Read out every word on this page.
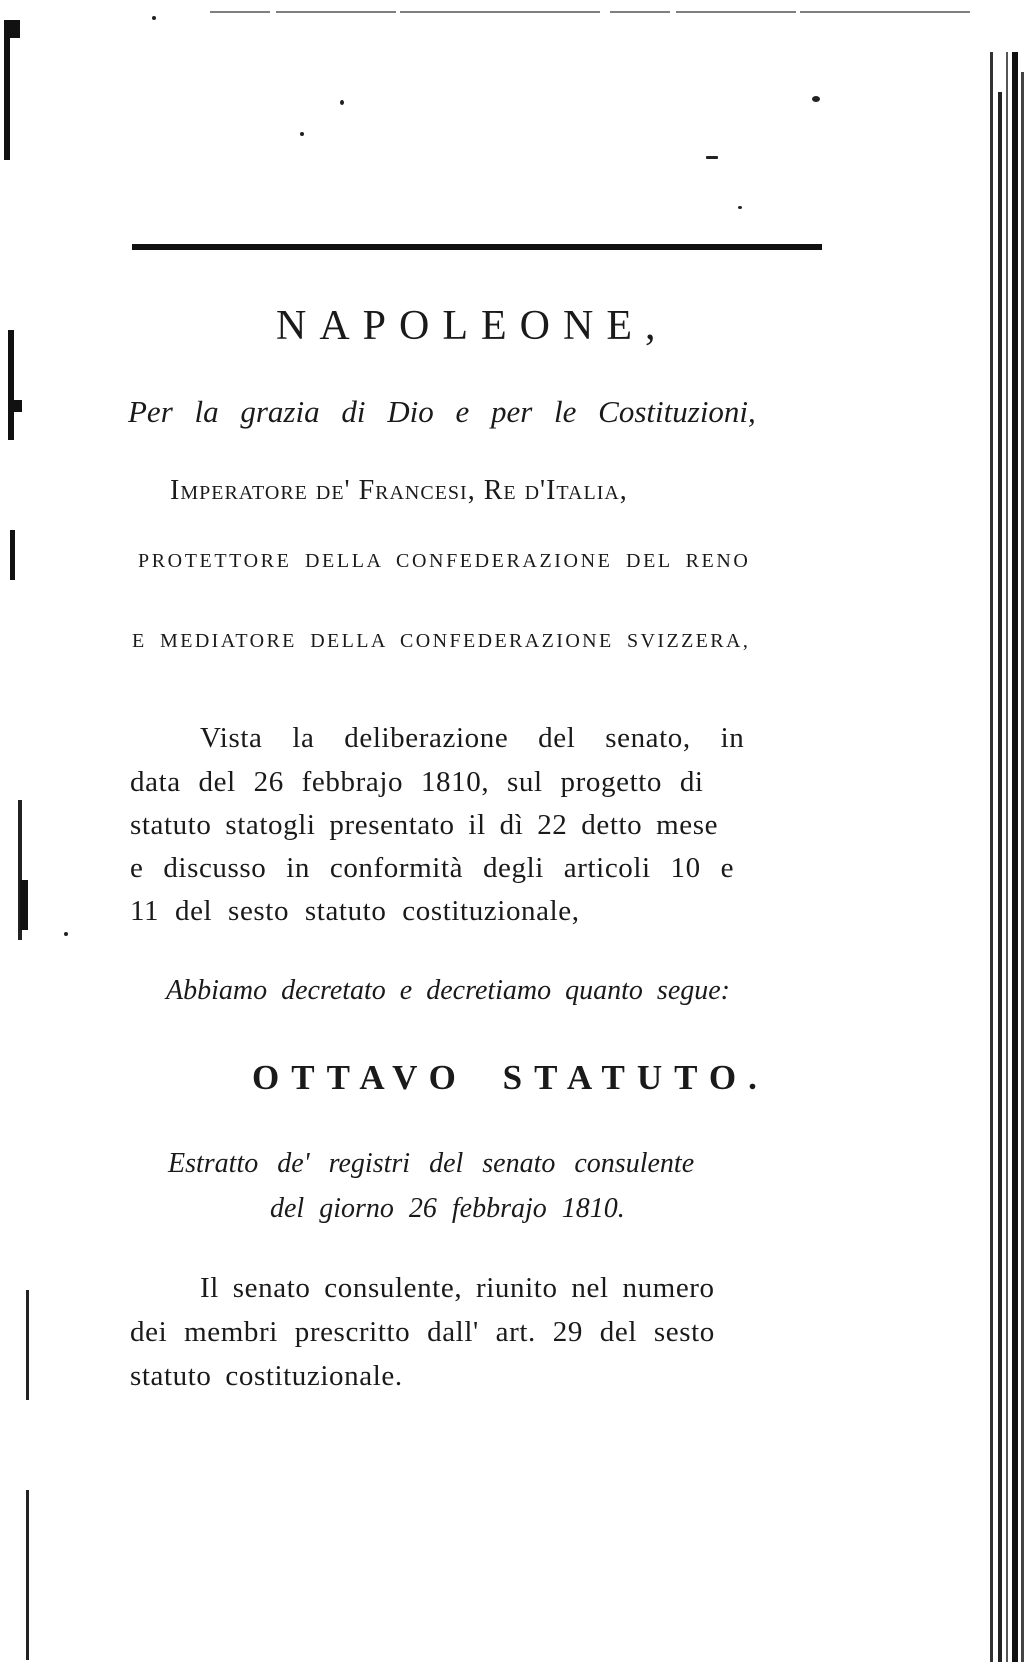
NAPOLEONE,

Per la grazia di Dio e per le Costituzioni,

Imperatore de' Francesi, Re d'Italia,

PROTETTORE DELLA CONFEDERAZIONE DEL RENO

E MEDIATORE DELLA CONFEDERAZIONE SVIZZERA,

Vista la deliberazione del senato, in

data del 26 febbrajo 1810, sul progetto di

statuto statogli presentato il dì 22 detto mese

e discusso in conformità degli articoli 10 e

11 del sesto statuto costituzionale,

Abbiamo decretato e decretiamo quanto segue:

OTTAVO STATUTO.

Estratto de' registri del senato consulente

del giorno 26 febbrajo 1810.

Il senato consulente, riunito nel numero

dei membri prescritto dall' art. 29 del sesto

statuto costituzionale.
